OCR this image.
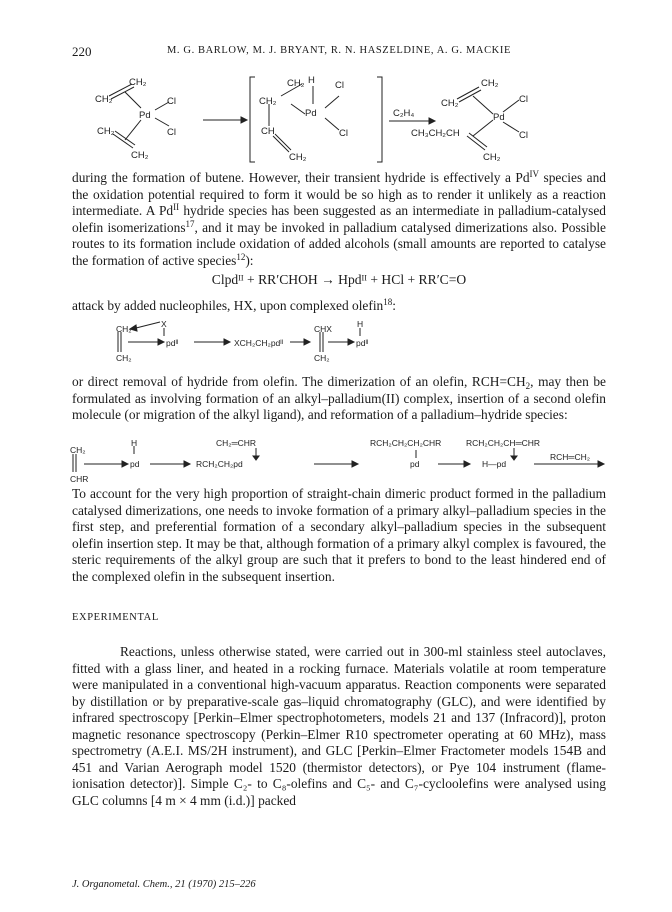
220	M. G. BARLOW, M. J. BRYANT, R. N. HASZELDINE, A. G. MACKIE
CH₂
CH₂
Pd
Cl
Cl
CH₂
CH₂
CH₂ H Cl
CH₂
Pd
CH	Cl
CH₂
C₂H₄
CH₂
CH₂
Pd
Cl
Cl
CH₃CH₂CH
CH₂

during the formation of butene. However, their transient hydride is effectively a $Pd^{IV}$ species and the oxidation potential required to form it would be so high as to render it unlikely as a reaction intermediate. A $Pd^{II}$ hydride species has been suggested as an intermediate in palladium-catalysed olefin isomerizations$^{17}$, and it may be invoked in palladium catalysed dimerizations also. Possible routes to its formation include oxidation of added alcohols (small amounts are reported to catalyse the formation of active species$^{12}$):

Clpdᴵᴵ + RR′CHOH → Hpdᴵᴵ + HCl + RR′C=O

attack by added nucleophiles, HX, upon complexed olefin$^{18}$:

CH₂	X
pdᴵᴵ
CH₂
XCH₂CH₂pdᴵᴵ
CHX	H
pdᴵᴵ
CH₂

or direct removal of hydride from olefin. The dimerization of an olefin, $RCH=CH_2$, may then be formulated as involving formation of an alkyl–palladium(II) complex, insertion of a second olefin molecule (or migration of the alkyl ligand), and reformation of a palladium–hydride species:

CH₂
CHR
H
pd
CH₂═CHR
RCH₂CH₂pd
RCH₂CH₂CH₂CHR
pd
RCH₂CH₂CH═CHR
H—pd
RCH═CH₂

To account for the very high proportion of straight-chain dimeric product formed in the palladium catalysed dimerizations, one needs to invoke formation of a primary alkyl–palladium species in the first step, and preferential formation of a secondary alkyl–palladium species in the subsequent olefin insertion step. It may be that, although formation of a primary alkyl complex is favoured, the steric requirements of the alkyl group are such that it prefers to bond to the least hindered end of the complexed olefin in the subsequent insertion.

EXPERIMENTAL

Reactions, unless otherwise stated, were carried out in 300-ml stainless steel autoclaves, fitted with a glass liner, and heated in a rocking furnace. Materials volatile at room temperature were manipulated in a conventional high-vacuum apparatus. Reaction components were separated by distillation or by preparative-scale gas–liquid chromatography (GLC), and were identified by infrared spectroscopy [Perkin–Elmer spectrophotometers, models 21 and 137 (Infracord)], proton magnetic resonance spectroscopy (Perkin–Elmer R10 spectrometer operating at 60 MHz), mass spectrometry (A.E.I. MS/2H instrument), and GLC [Perkin–Elmer Fractometer models 154B and 451 and Varian Aerograph model 1520 (thermistor detectors), or Pye 104 instrument (flame-ionisation detector)]. Simple C₂- to C₈-olefins and C₅- and C₇-cycloolefins were analysed using GLC columns [4 m × 4 mm (i.d.)] packed

J. Organometal. Chem., 21 (1970) 215–226
